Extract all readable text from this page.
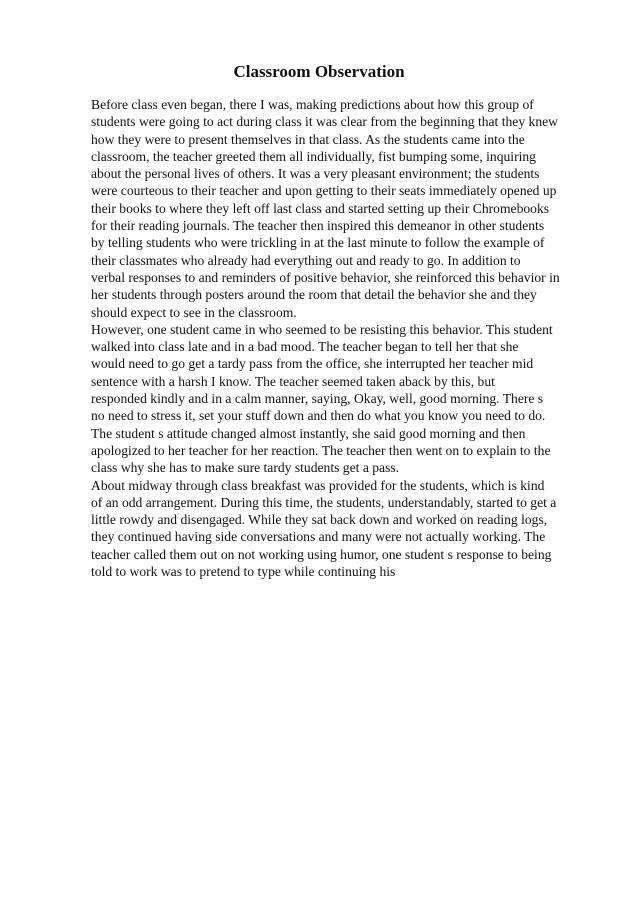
Classroom Observation
Before class even began, there I was, making predictions about how this group of
students were going to act during class it was clear from the beginning that they knew
how they were to present themselves in that class. As the students came into the
classroom, the teacher greeted them all individually, fist bumping some, inquiring
about the personal lives of others. It was a very pleasant environment; the students
were courteous to their teacher and upon getting to their seats immediately opened up
their books to where they left off last class and started setting up their Chromebooks
for their reading journals. The teacher then inspired this demeanor in other students
by telling students who were trickling in at the last minute to follow the example of
their classmates who already had everything out and ready to go. In addition to
verbal responses to and reminders of positive behavior, she reinforced this behavior in
her students through posters around the room that detail the behavior she and they
should expect to see in the classroom.
However, one student came in who seemed to be resisting this behavior. This student
walked into class late and in a bad mood. The teacher began to tell her that she
would need to go get a tardy pass from the office, she interrupted her teacher mid
sentence with a harsh I know. The teacher seemed taken aback by this, but
responded kindly and in a calm manner, saying, Okay, well, good morning. There s
no need to stress it, set your stuff down and then do what you know you need to do.
The student s attitude changed almost instantly, she said good morning and then
apologized to her teacher for her reaction. The teacher then went on to explain to the
class why she has to make sure tardy students get a pass.
About midway through class breakfast was provided for the students, which is kind
of an odd arrangement. During this time, the students, understandably, started to get a
little rowdy and disengaged. While they sat back down and worked on reading logs,
they continued having side conversations and many were not actually working. The
teacher called them out on not working using humor, one student s response to being
told to work was to pretend to type while continuing his
